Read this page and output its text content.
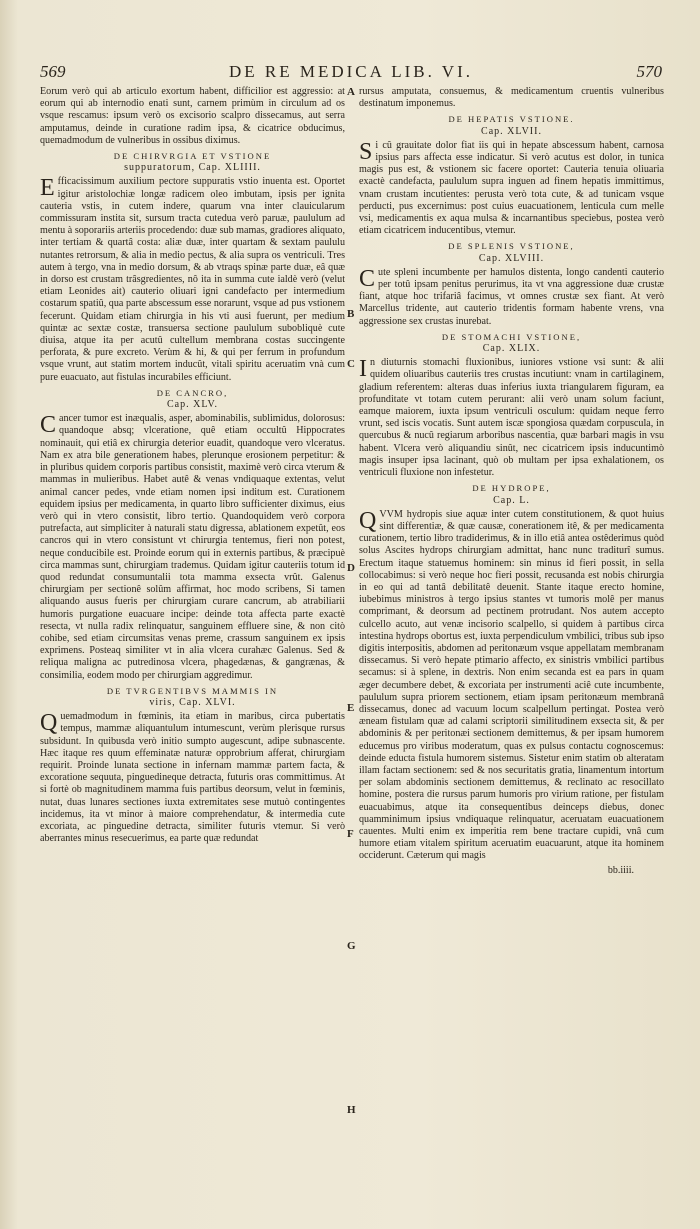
569	DE RE MEDICA LIB. VI.	570

Eorum verò qui ab articulo exortum habent, difficilior est aggressio: at eorum qui ab internodio enati sunt, carnem primùm in circulum ad os vsque rescamus: ipsum verò os excisorio scalpro dissecamus, aut serra amputamus, deinde in curatione radim ipsa, & cicatrice obducimus, quemadmodum de vulneribus in ossibus diximus.

DE CHIRVRGIA ET VSTIONE
suppuratorum, Cap. XLIIII.

Efficacissimum auxilium pectore suppuratis vstio inuenta est. Oportet igitur aristolochiæ longæ radicem oleo imbutam, ipsis per ignita cauteria vstis, in cutem indere, quarum vna inter clauicularum commissuram instita sit, sursum tracta cutedua verò paruæ, paululum ad mentu à soporariis arteriis procedendo: duæ sub mamas, gradiores aliquato, inter tertiam & quartâ costa: aliæ duæ, inter quartam & sextam paululu nutantes retrorsum, & alia in medio pectus, & alia supra os ventriculi. Tres autem à tergo, vna in medio dorsum, & ab vtraqs spinæ parte duæ, eâ quæ in dorso est crustam trâsgredientes, nô ita in summa cute ialdè verò (velut etiam Leonides ait) cauterio oliuari igni candefacto per intermedium costarum spatiû, qua parte abscessum esse norarunt, vsque ad pus vstionem fecerunt. Quidam etiam chirurgia in his vti ausi fuerunt, per medium quintæ ac sextæ costæ, transuersa sectione paululum subobliquè cute diuisa, atque ita per acutû cultellum membrana costas succingente perforata, & pure excreto. Verùm & hi, & qui per ferrum in profundum vsque vrunt, aut statim mortem inducût, vitali spiritu aceruatim vnà cum pure euacuato, aut fistulas incurabiles efficiunt.

DE CANCRO,
Cap. XLV.

Cancer tumor est inæqualis, asper, abominabilis, sublimidus, dolorosus: quandoque absq; vlceratione, quê etiam occultû Hippocrates nominauit, qui etiâ ex chirurgia deterior euadit, quandoque vero vlceratus. Nam ex atra bile generationem habes, plerunque erosionem perpetitur: & in pluribus quidem corporis partibus consistit, maximè verò circa vterum & mammas in mulieribus. Habet autê & venas vndiquaque extentas, velut animal cancer pedes, vnde etiam nomen ipsi inditum est. Curationem equidem ipsius per medicamenta, in quarto libro sufficienter diximus, eius verò qui in vtero consistit, libro tertio. Quandoquidem verò corpora putrefacta, aut simpliciter à naturali statu digressa, ablationem expetût, eos cancros qui in vtero consistunt vt chirurgia tentemus, fieri non potest, neque conducibile est. Proinde eorum qui in externis partibus, & præcipuè circa mammas sunt, chirurgiam trademus. Quidam igitur cauteriis totum id quod redundat consumuntalii tota mamma exsecta vrût. Galenus chirurgiam per sectionê solûm affirmat, hoc modo scribens, Si tamen aliquando ausus fueris per chirurgiam curare cancrum, ab atrabiliarii humoris purgatione euacuare incipe: deinde tota affecta parte exactè resecta, vt nulla radix relinquatur, sanguinem effluere sine, & non citò cohibe, sed etiam circumsitas venas preme, crassum sanguinem ex ipsis exprimens. Posteaq similiter vt in alia vlcera curahæc Galenus. Sed & reliqua maligna ac putredinosa vlcera, phagedænas, & gangrænas, & consimilia, eodem modo per chirurgiam aggredimur.

DE TVRGENTIBVS MAMMIS IN
viris, Cap. XLVI.

Quemadmodum in fœminis, ita etiam in maribus, circa pubertatis tempus, mammæ aliquantulum intumescunt, verùm plerisque rursus subsidunt. In quibusda verò initio sumpto augescunt, adipe subnascente. Hæc itaque res quum effeminatæ naturæ opprobrium afferat, chirurgiam requirit. Proinde lunata sectione in infernam mammæ partem facta, & excoratione sequuta, pinguedineque detracta, futuris oras committimus. At si fortè ob magnitudinem mamma fuis partibus deorsum, velut in fœminis, nutat, duas lunares sectiones iuxta extremitates sese mutuò contingentes incidemus, ita vt minor à maiore comprehendatur, & intermedia cute excoriata, ac pinguedine detracta, similiter futuris vtemur. Si verò aberrantes minus resecuerimus, ea parte quæ redundat

A
B
C
D
E
F
G
H

rursus amputata, consuemus, & medicamentum cruentis vulneribus destinatum imponemus.

DE HEPATIS VSTIONE.
Cap. XLVII.

Si cû grauitate dolor fiat iis qui in hepate abscessum habent, carnosa ipsius pars affecta esse indicatur. Si verò acutus est dolor, in tunica magis pus est, & vstionem sic facere oportet: Cauteria tenuia oliuaria exactè candefacta, paululum supra inguen ad finem hepatis immittimus, vnam crustam incutientes: perusta verò tota cute, & ad tunicam vsque perducti, pus excernimus: post cuius euacuationem, lenticula cum melle vsi, medicamentis ex aqua mulsa & incarnantibus speciebus, postea verò etiam cicatricem inducentibus, vtemur.

DE SPLENIS VSTIONE,
Cap. XLVIII.

Cute spleni incumbente per hamulos distenta, longo candenti cauterio per totû ipsam penitus perurimus, ita vt vna aggressione duæ crustæ fiant, atque hoc trifariâ facimus, vt omnes crustæ sex fiant. At verò Marcellus tridente, aut cauterio tridentis formam habente vrens, vna aggressione sex crustas inurebat.

DE STOMACHI VSTIONE,
Cap. XLIX.

In diuturnis stomachi fluxionibus, iuniores vstione vsi sunt: & alii quidem oliuaribus cauteriis tres crustas incutiunt: vnam in cartilaginem, gladium referentem: alteras duas inferius iuxta triangularem figuram, ea profunditate vt totam cutem perurant: alii verò unam solum faciunt, eamque maiorem, iuxta ipsum ventriculi osculum: quidam neque ferro vrunt, sed iscis vocatis. Sunt autem iscæ spongiosa quædam corpuscula, in quercubus & nucû regiarum arboribus nascentia, quæ barbari magis in vsu habent. Vlcera verò aliquandiu sinût, nec cicatricem ipsis inducuntimò magis insuper ipsa lacinant, quò ob multam per ipsa exhalationem, os ventriculi fluxione non infestetur.

DE HYDROPE,
Cap. L.

QVVM hydropis siue aquæ inter cutem constitutionem, & quot huius sint differentiæ, & quæ causæ, conerationem itê, & per medicamenta curationem, tertio libro tradiderimus, & in illo etiâ antea ostêderimus quòd solus Ascites hydrops chirurgiam admittat, hanc nunc traditurî sumus. Erectum itaque statuemus hominem: sin minus id fieri possit, in sella collocabimus: si verò neque hoc fieri possit, recusanda est nobis chirurgia in eo qui ad tantâ debilitatê deuenit. Stante itaque erecto homine, iubebimus ministros à tergo ipsius stantes vt tumoris molê per manus comprimant, & deorsum ad pectinem protrudant. Nos autem accepto culcello acuto, aut venæ incisorio scalpello, si quidem à partibus circa intestina hydrops obortus est, iuxta perpendiculum vmbilici, tribus sub ipso digitis interpositis, abdomen ad peritonæum vsque appellatam membranam dissecamus. Si verò hepate ptimario affecto, ex sinistris vmbilici partibus secamus: si à splene, in dextris. Non enim secanda est ea pars in quam æger decumbere debet, & excoriata per instrumenti aciê cute incumbente, paululum supra priorem sectionem, etiam ipsam peritonæum membranâ dissecamus, donec ad vacuum locum scalpellum pertingat. Postea verò æneam fistulam quæ ad calami scriptorii similitudinem exsecta sit, & per abdominis & per peritonæi sectionem demittemus, & per ipsam humorem educemus pro viribus moderatum, quas ex pulsus contactu cognoscemus: deinde educta fistula humorem sistemus. Sistetur enim statim ob alteratam illam factam sectionem: sed & nos securitatis gratia, linamentum intortum per solam abdominis sectionem demittemus, & reclinato ac resocillato homine, postera die rursus parum humoris pro virium ratione, per fistulam euacuabimus, atque ita consequentibus deinceps diebus, donec quamminimum ipsius vndiquaque relinquatur, aceruatam euacuationem cauentes. Multi enim ex imperitia rem bene tractare cupidi, vnâ cum humore etiam vitalem spiritum aceruatim euacuarunt, atque ita hominem occiderunt. Cæterum qui magis

bb.iiii.
